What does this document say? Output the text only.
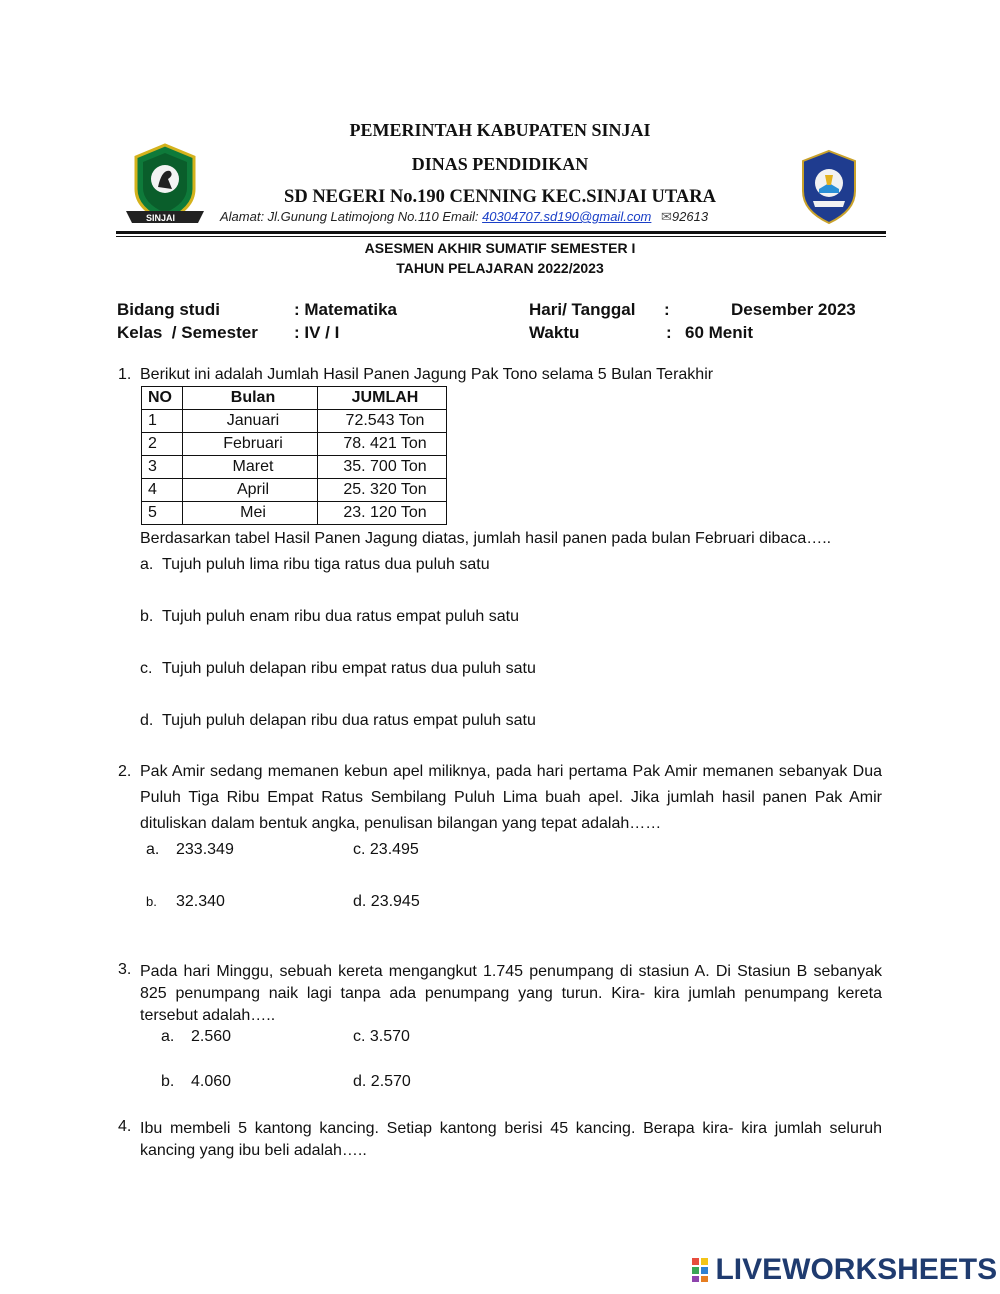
SINJAI
PEMERINTAH KABUPATEN SINJAI
DINAS PENDIDIKAN
SD NEGERI No.190 CENNING KEC.SINJAI UTARA
Alamat: Jl.Gunung Latimojong No.110 Email: 40304707.sd190@gmail.com ✉92613
ASESMEN AKHIR SUMATIF SEMESTER I
TAHUN PELAJARAN 2022/2023
Bidang studi	: Matematika
Kelas  / Semester : IV / I
Hari/ Tanggal :	Desember 2023
Waktu	: 60 Menit
1. Berikut ini adalah Jumlah Hasil Panen Jagung Pak Tono selama 5 Bulan Terakhir
NO	Bulan	JUMLAH
1	Januari	72.543 Ton
2	Februari	78. 421 Ton
3	Maret	35. 700 Ton
4	April	25. 320 Ton
5	Mei	23. 120 Ton
Berdasarkan tabel Hasil Panen Jagung diatas, jumlah hasil panen pada bulan Februari dibaca…..
a. Tujuh puluh lima ribu tiga ratus dua puluh satu
b. Tujuh puluh enam ribu dua ratus empat puluh satu
c. Tujuh puluh delapan ribu empat ratus dua puluh satu
d. Tujuh puluh delapan ribu dua ratus empat puluh satu
2. Pak Amir sedang memanen kebun apel miliknya, pada hari pertama Pak Amir memanen sebanyak Dua Puluh Tiga Ribu Empat Ratus Sembilang Puluh Lima buah apel. Jika jumlah hasil panen Pak Amir dituliskan dalam bentuk angka, penulisan bilangan yang tepat adalah……
a. 233.349	c. 23.495
b. 32.340	d. 23.945
3. Pada hari Minggu, sebuah kereta mengangkut 1.745 penumpang di stasiun A. Di Stasiun B sebanyak 825 penumpang naik lagi tanpa ada penumpang yang turun. Kira- kira jumlah penumpang kereta tersebut adalah…..
a. 2.560	c. 3.570
b. 4.060	d. 2.570
4. Ibu membeli 5 kantong kancing. Setiap kantong berisi 45 kancing. Berapa kira- kira jumlah seluruh kancing yang ibu beli adalah…..
LIVEWORKSHEETS
